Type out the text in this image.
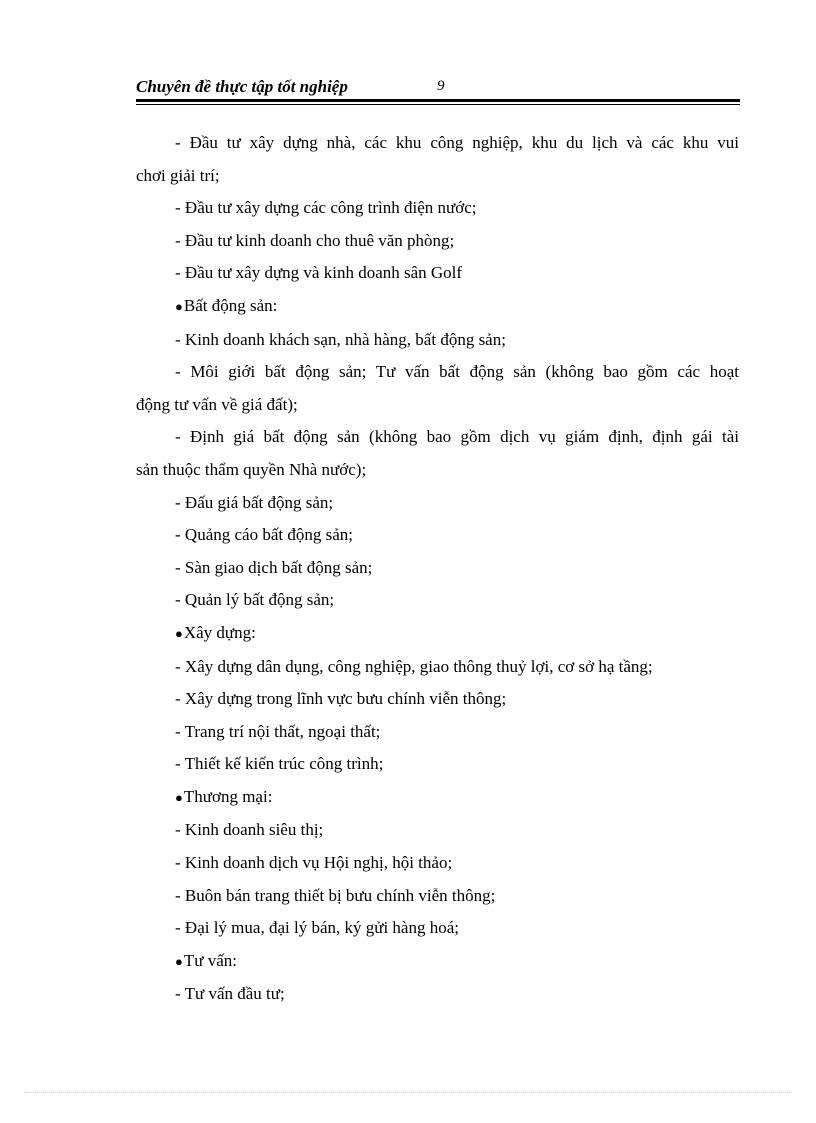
Chuyên đề thực tập tốt nghiệp	9

- Đầu tư xây dựng nhà, các khu công nghiệp, khu du lịch và các khu vui

chơi giải trí;

- Đầu tư xây dựng các công trình điện nước;

- Đầu tư kinh doanh cho thuê văn phòng;

- Đầu tư xây dựng và kinh doanh sân Golf

●Bất động sản:

- Kinh doanh khách sạn, nhà hàng, bất động sản;

- Môi giới bất động sản; Tư vấn bất động sản (không bao gồm các hoạt

động tư vấn về giá đất);

- Định giá bất động sản (không bao gồm dịch vụ giám định, định gái tài

sản thuộc thẩm quyền Nhà nước);

- Đấu giá bất động sản;

- Quảng cáo bất động sản;

- Sàn giao dịch bất động sản;

- Quản lý bất động sản;

●Xây dựng:

- Xây dựng dân dụng, công nghiệp, giao thông thuỷ lợi, cơ sở hạ tầng;

- Xây dựng trong lĩnh vực bưu chính viễn thông;

- Trang trí nội thất, ngoại thất;

- Thiết kế kiến trúc công trình;

●Thương mại:

- Kinh doanh siêu thị;

- Kinh doanh dịch vụ Hội nghị, hội thảo;

- Buôn bán trang thiết bị bưu chính viễn thông;

- Đại lý mua, đại lý bán, ký gửi hàng hoá;

●Tư vấn:

- Tư vấn đầu tư;
